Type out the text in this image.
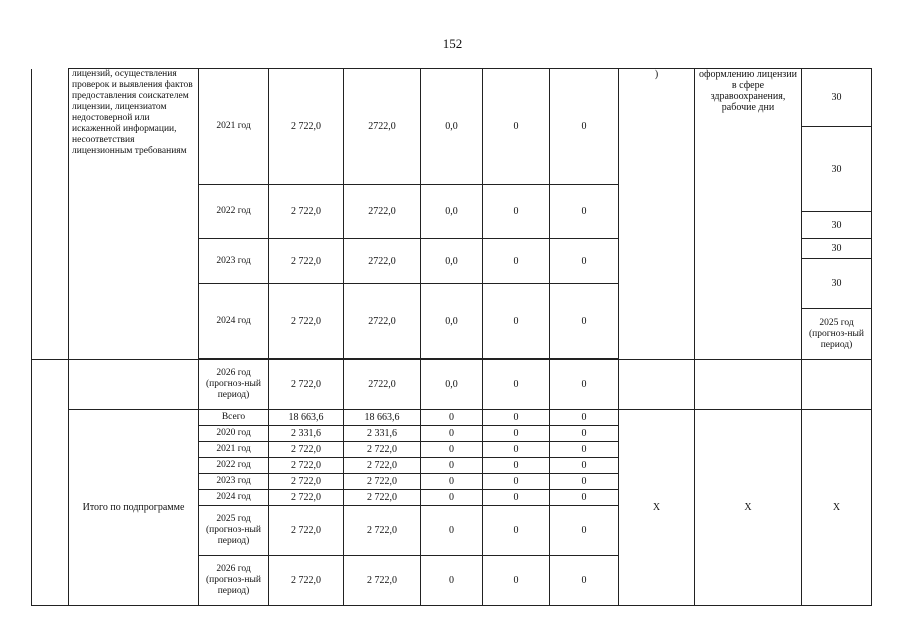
152
	лицензий, осуществления проверок и выявления фактов предоставления соискателем лицензии, лицензиатом недостоверной или искаженной информации, несоответствия лицензионным требованиям	2021 год	2 722,0	2722,0	0,0	0	0	)	оформлению лицензии в сфере здравоохранения, рабочие дни	30	
										30	
		2022 год	2 722,0	2722,0	0,0	0	0				
										30	
		2023 год	2 722,0	2722,0	0,0	0	0			30	
										30	
		2024 год	2 722,0	2722,0	0,0	0	0				
										2025 год (прогноз-ный период)						

		2026 год (прогноз-ный период)	2 722,0	2722,0	0,0	0	0			
	Итого по подпрограмме	Всего	18 663,6	18 663,6	0	0	0	X	X	X	
		2020 год	2 331,6	2 331,6	0	0	0				
		2021 год	2 722,0	2 722,0	0	0	0				
		2022 год	2 722,0	2 722,0	0	0	0				
		2023 год	2 722,0	2 722,0	0	0	0				
		2024 год	2 722,0	2 722,0	0	0	0				
		2025 год (прогноз-ный период)	2 722,0	2 722,0	0	0	0				
		2026 год (прогноз-ный период)	2 722,0	2 722,0	0	0	0				
